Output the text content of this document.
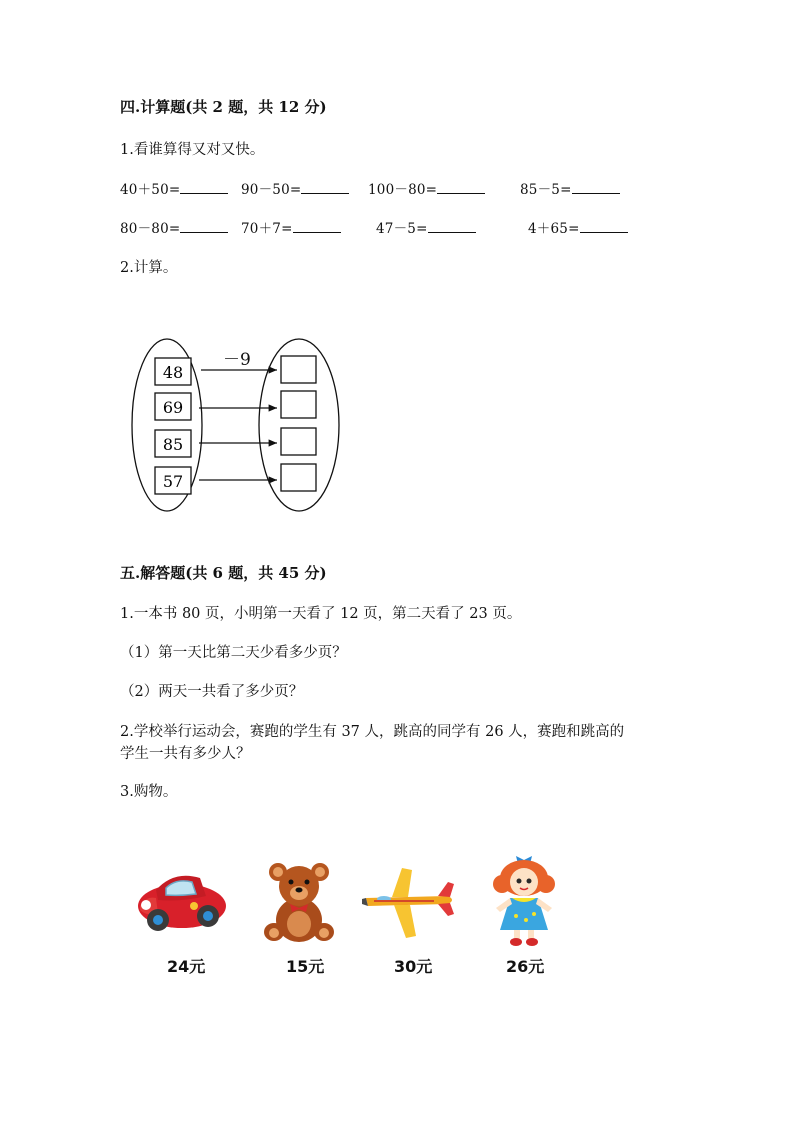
四.计算题(共 2 题，共 12 分)
1.看谁算得又对又快。
40＋50=	90－50=	100－80=	85－5=
80－80=	70＋7=	47－5=	4＋65=
2.计算。
－9
48
69
85
57
五.解答题(共 6 题，共 45 分)
1.一本书 80 页，小明第一天看了 12 页，第二天看了 23 页。
（1）第一天比第二天少看多少页？
（2）两天一共看了多少页？
2.学校举行运动会，赛跑的学生有 37 人，跳高的同学有 26 人，赛跑和跳高的
学生一共有多少人？
3.购物。
24元	15元	30元	26元
